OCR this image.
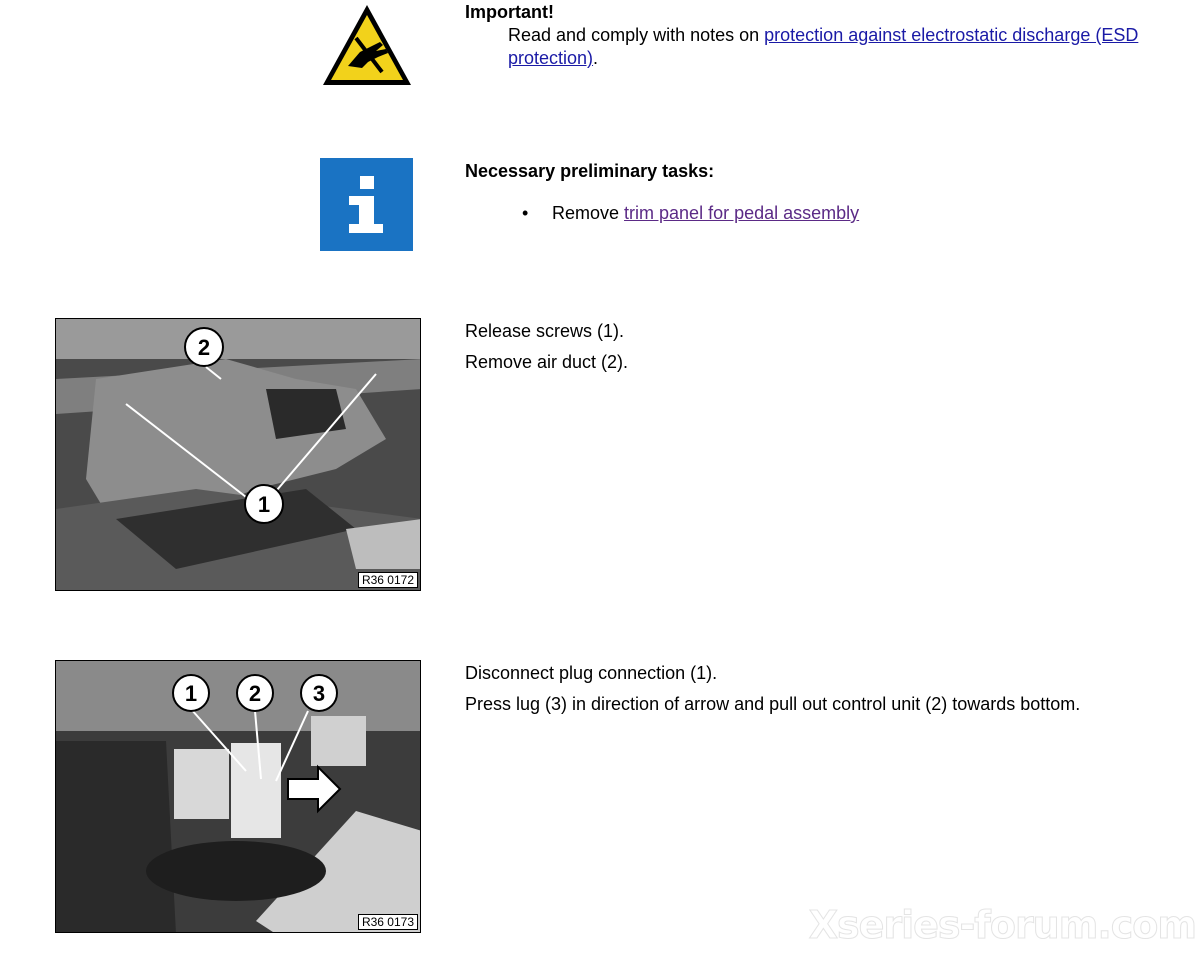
Important!
Read and comply with notes on protection against electrostatic discharge (ESD protection).
Necessary preliminary tasks:
• Remove trim panel for pedal assembly
2
1
R36 0172
Release screws (1).
Remove air duct (2).
1 2 3
R36 0173
Disconnect plug connection (1).
Press lug (3) in direction of arrow and pull out control unit (2) towards bottom.
Xseries-forum.com
